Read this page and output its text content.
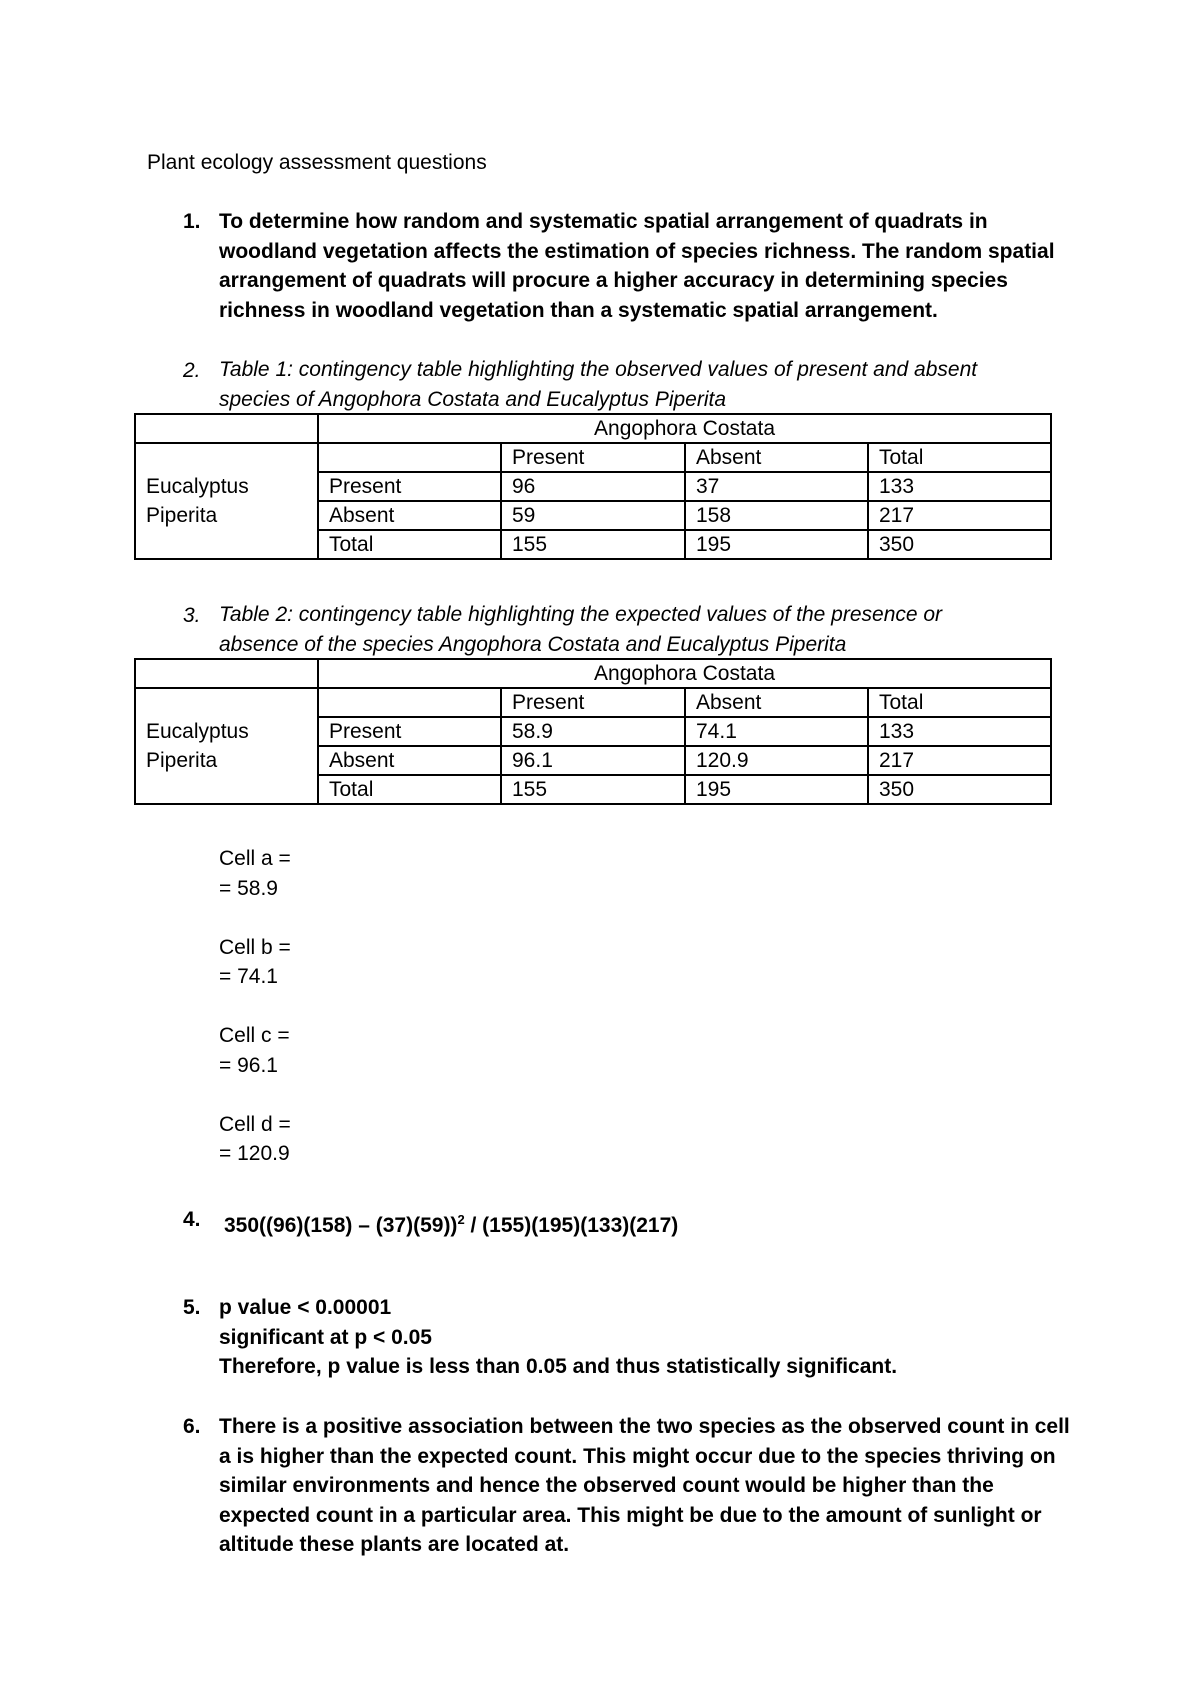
Plant ecology assessment questions
1. To determine how random and systematic spatial arrangement of quadrats in
woodland vegetation affects the estimation of species richness. The random spatial
arrangement of quadrats will procure a higher accuracy in determining species
richness in woodland vegetation than a systematic spatial arrangement.
2. Table 1: contingency table highlighting the observed values of present and absent
species of Angophora Costata and Eucalyptus Piperita
	Angophora Costata			

Eucalyptus
Piperita		Present	Absent	Total
	Present	96	37	133
	Absent	59	158	217
	Total	155	195	350
3. Table 2: contingency table highlighting the expected values of the presence or
absence of the species Angophora Costata and Eucalyptus Piperita
	Angophora Costata			

Eucalyptus
Piperita		Present	Absent	Total
	Present	58.9	74.1	133
	Absent	96.1	120.9	217
	Total	155	195	350
Cell a =
= 58.9
Cell b =
= 74.1
Cell c =
= 96.1
Cell d =
= 120.9
4. 350((96)(158) – (37)(59))$^2$ / (155)(195)(133)(217)
5. p value < 0.00001
significant at p < 0.05
Therefore, p value is less than 0.05 and thus statistically significant.
6. There is a positive association between the two species as the observed count in cell
a is higher than the expected count. This might occur due to the species thriving on
similar environments and hence the observed count would be higher than the
expected count in a particular area. This might be due to the amount of sunlight or
altitude these plants are located at.
